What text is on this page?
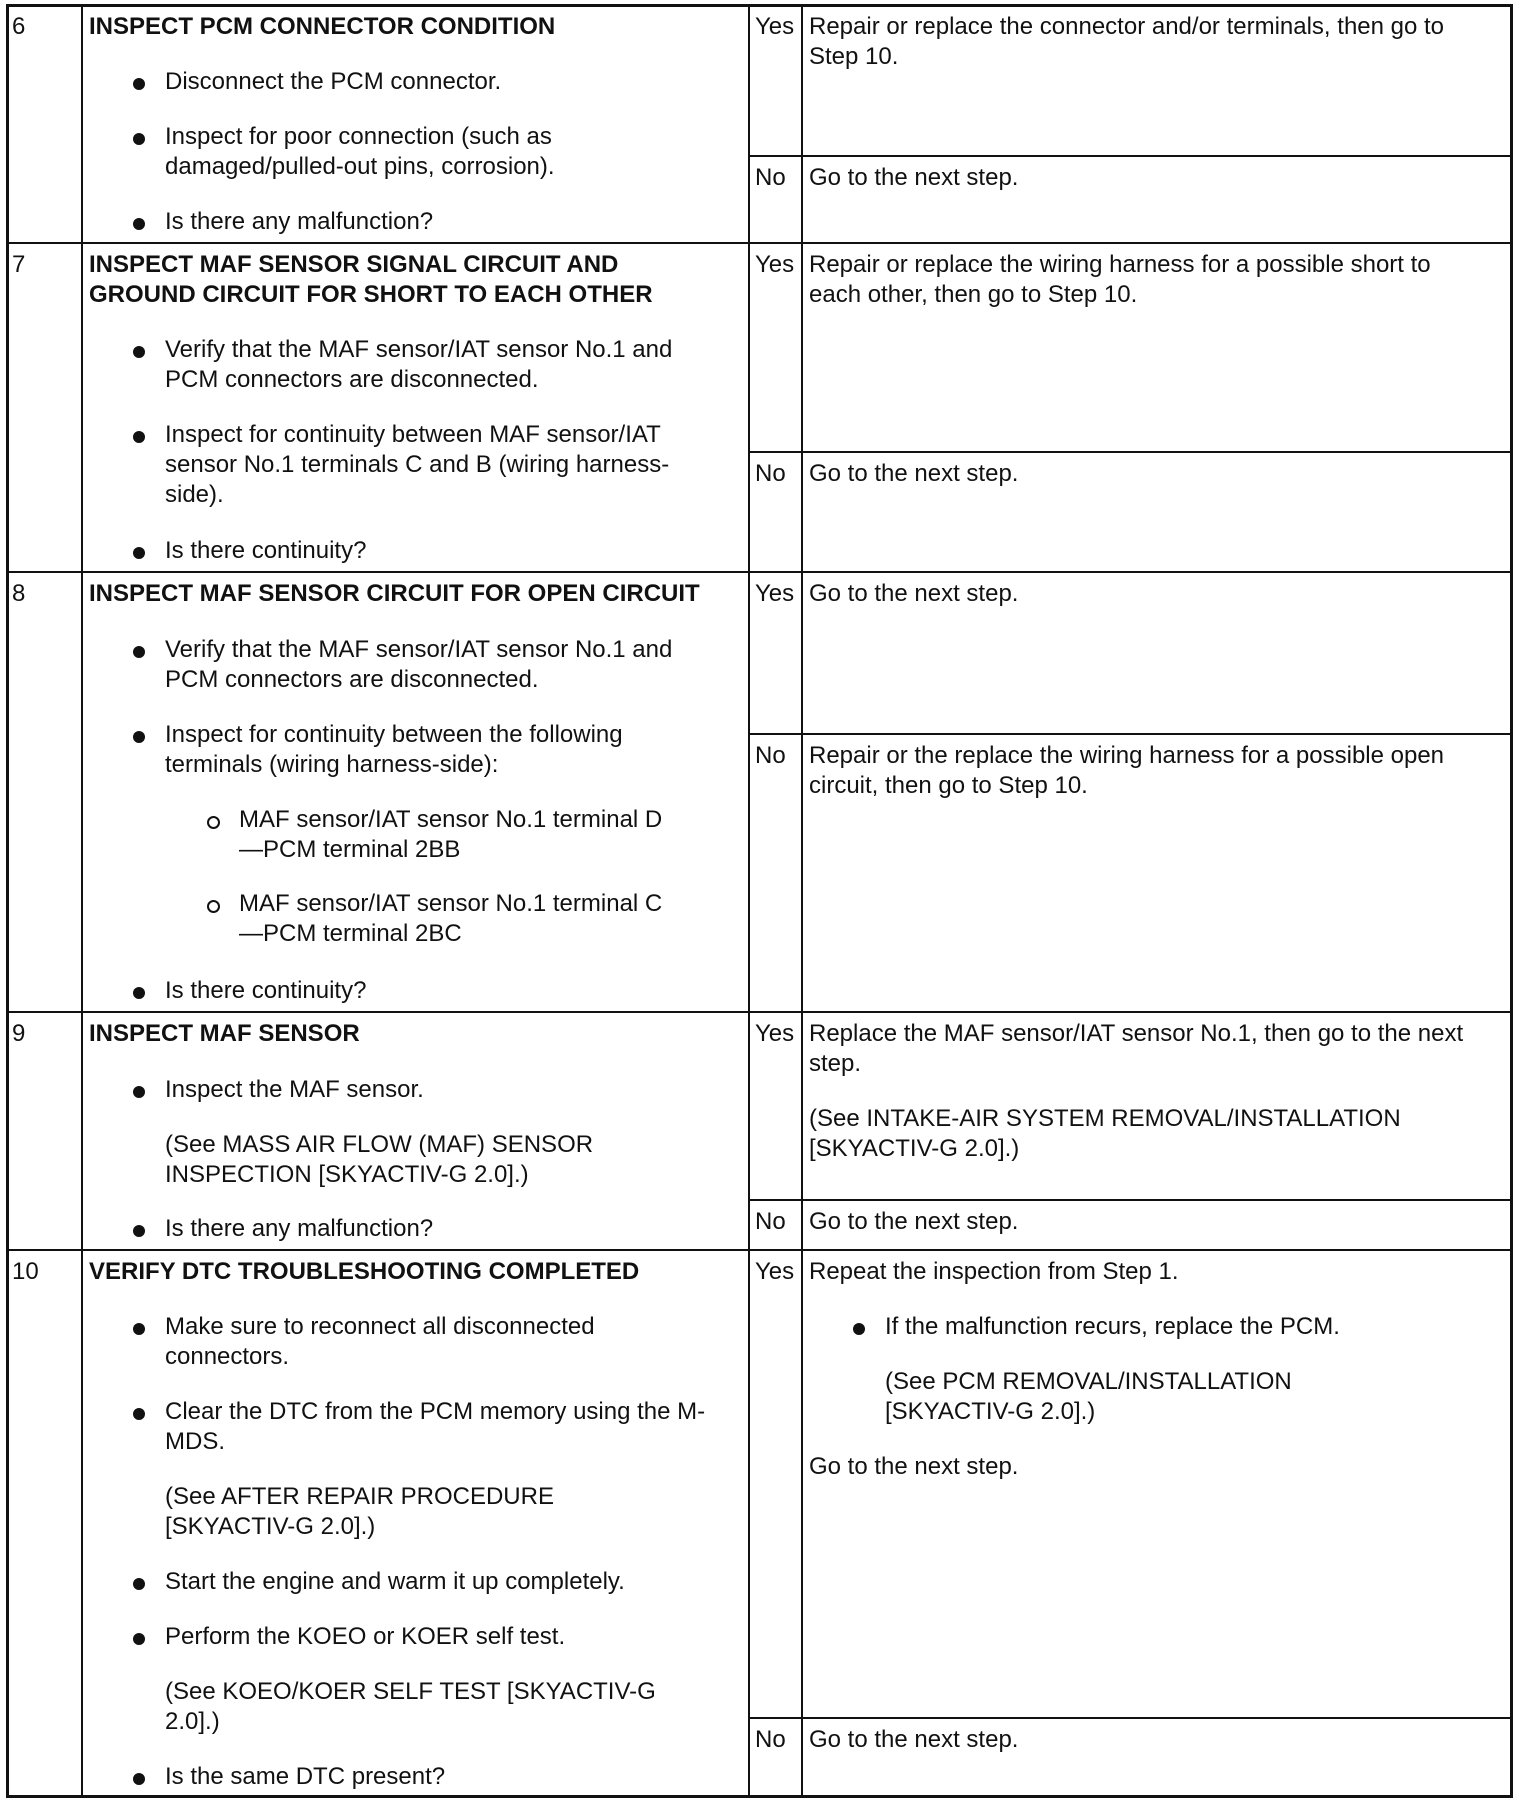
6	INSPECT PCM CONNECTOR CONDITION
Disconnect the PCM connector.
Inspect for poor connection (such as damaged/pulled-out pins, corrosion).
Is there any malfunction?
Yes Repair or replace the connector and/or terminals, then go to Step 10.
No Go to the next step.
7	INSPECT MAF SENSOR SIGNAL CIRCUIT AND GROUND CIRCUIT FOR SHORT TO EACH OTHER
Verify that the MAF sensor/IAT sensor No.1 and PCM connectors are disconnected.
Inspect for continuity between MAF sensor/IAT sensor No.1 terminals C and B (wiring harness-side).
Is there continuity?
Yes Repair or replace the wiring harness for a possible short to each other, then go to Step 10.
No Go to the next step.
8	INSPECT MAF SENSOR CIRCUIT FOR OPEN CIRCUIT
Verify that the MAF sensor/IAT sensor No.1 and PCM connectors are disconnected.
Inspect for continuity between the following terminals (wiring harness-side):
MAF sensor/IAT sensor No.1 terminal D—PCM terminal 2BB
MAF sensor/IAT sensor No.1 terminal C—PCM terminal 2BC
Is there continuity?
Yes Go to the next step.
No Repair or the replace the wiring harness for a possible open circuit, then go to Step 10.
9	INSPECT MAF SENSOR
Inspect the MAF sensor.
(See MASS AIR FLOW (MAF) SENSOR INSPECTION [SKYACTIV-G 2.0].)
Is there any malfunction?
Yes Replace the MAF sensor/IAT sensor No.1, then go to the next step.
(See INTAKE-AIR SYSTEM REMOVAL/INSTALLATION [SKYACTIV-G 2.0].)
No Go to the next step.
10 VERIFY DTC TROUBLESHOOTING COMPLETED
Make sure to reconnect all disconnected connectors.
Clear the DTC from the PCM memory using the M-MDS.
(See AFTER REPAIR PROCEDURE [SKYACTIV-G 2.0].)
Start the engine and warm it up completely.
Perform the KOEO or KOER self test.
(See KOEO/KOER SELF TEST [SKYACTIV-G 2.0].)
Is the same DTC present?
Yes Repeat the inspection from Step 1.
If the malfunction recurs, replace the PCM.
(See PCM REMOVAL/INSTALLATION [SKYACTIV-G 2.0].)
Go to the next step.
No Go to the next step.
